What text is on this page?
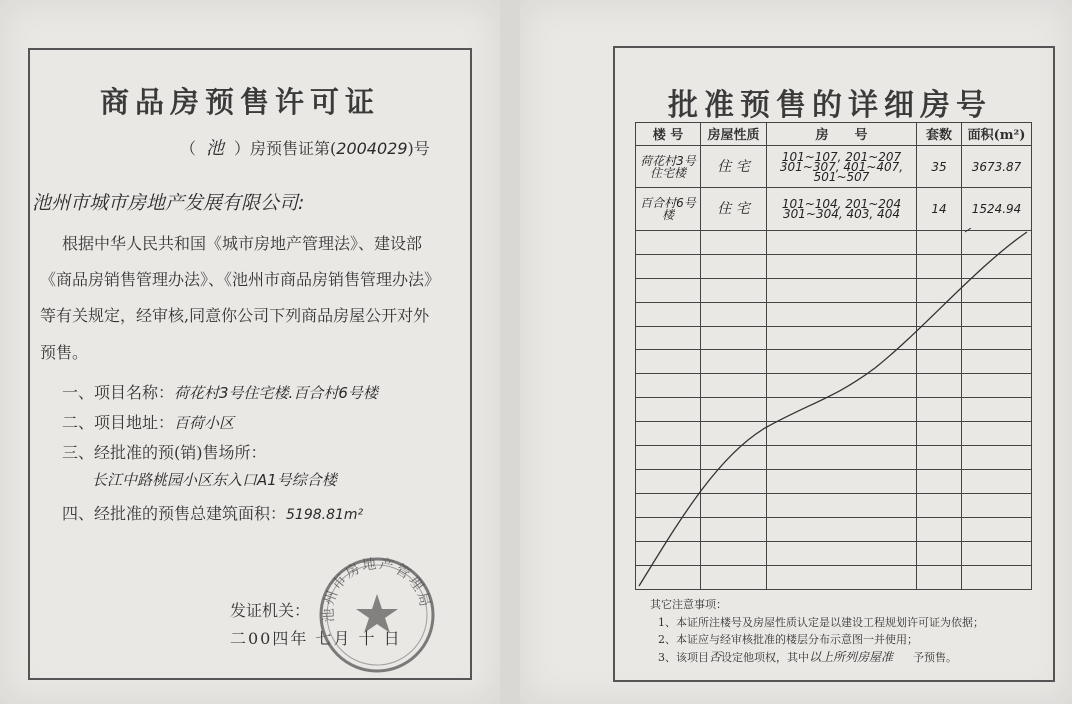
商品房预售许可证
（ 池 ）房预售证第(2004029)号
池州市城市房地产发展有限公司:
根据中华人民共和国《城市房地产管理法》、建设部
《商品房销售管理办法》、《池州市商品房销售管理办法》
等有关规定，经审核,同意你公司下列商品房屋公开对外
预售。
一、项目名称：荷花村3号住宅楼.百合村6号楼
二、项目地址：百荷小区
三、经批准的预(销)售场所：
长江中路桃园小区东入口A1号综合楼
四、经批准的预售总建筑面积：5198.81m²
发证机关：
二00四年 七月 十 日
池州市房地产管理局
批准预售的详细房号
楼 号	房屋性质	房　　号	套数	面积(m²)
荷花村3号住宅楼	住 宅	101~107, 201~207 301~307, 401~407, 501~507	35	3673.87
百合村6号楼	住 宅	101~104, 201~204 301~304, 403, 404	14	1524.94

其它注意事项：
1、本证所注楼号及房屋性质认定是以建设工程规划许可证为依据；
2、本证应与经审核批准的楼层分布示意图一并使用；
3、该项目否设定他项权，其中以上所列房屋准 予预售。
